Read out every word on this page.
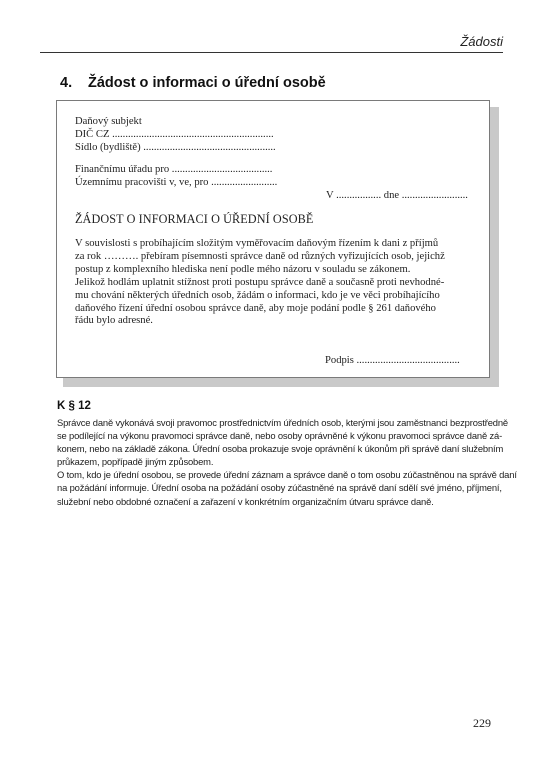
Žádosti
4. Žádost o informaci o úřední osobě
Daňový subjekt
DIČ CZ .............................................................
Sídlo (bydliště) ..................................................
Finančnímu úřadu pro ......................................
Územnímu pracovišti v, ve, pro .........................
V ................. dne .........................
ŽÁDOST O INFORMACI O ÚŘEDNÍ OSOBĚ
V souvislosti s probíhajícím složitým vyměřovacím daňovým řízením k dani z příjmů
za rok ………. přebíram písemnosti správce daně od různých vyřizujících osob, jejichž
postup z komplexního hlediska není podle mého názoru v souladu se zákonem.
Jelikož hodlám uplatnit stížnost proti postupu správce daně a současně proti nevhodné-
mu chování některých úředních osob, žádám o informaci, kdo je ve věci probíhajícího
daňového řízení úřední osobou správce daně, aby moje podání podle § 261 daňového
řádu bylo adresné.
Podpis .......................................
K § 12
Správce daně vykonává svoji pravomoc prostřednictvím úředních osob, kterými jsou zaměstnanci bezprostředně
se podílející na výkonu pravomoci správce daně, nebo osoby oprávněné k výkonu pravomoci správce daně zá-
konem, nebo na základě zákona. Úřední osoba prokazuje svoje oprávnění k úkonům při správě daní služebním
průkazem, popřípadě jiným způsobem.
O tom, kdo je úřední osobou, se provede úřední záznam a správce daně o tom osobu zúčastněnou na správě daní
na požádání informuje. Úřední osoba na požádání osoby zúčastněné na správě daní sdělí své jméno, příjmení,
služební nebo obdobné označení a zařazení v konkrétním organizačním útvaru správce daně.
229
